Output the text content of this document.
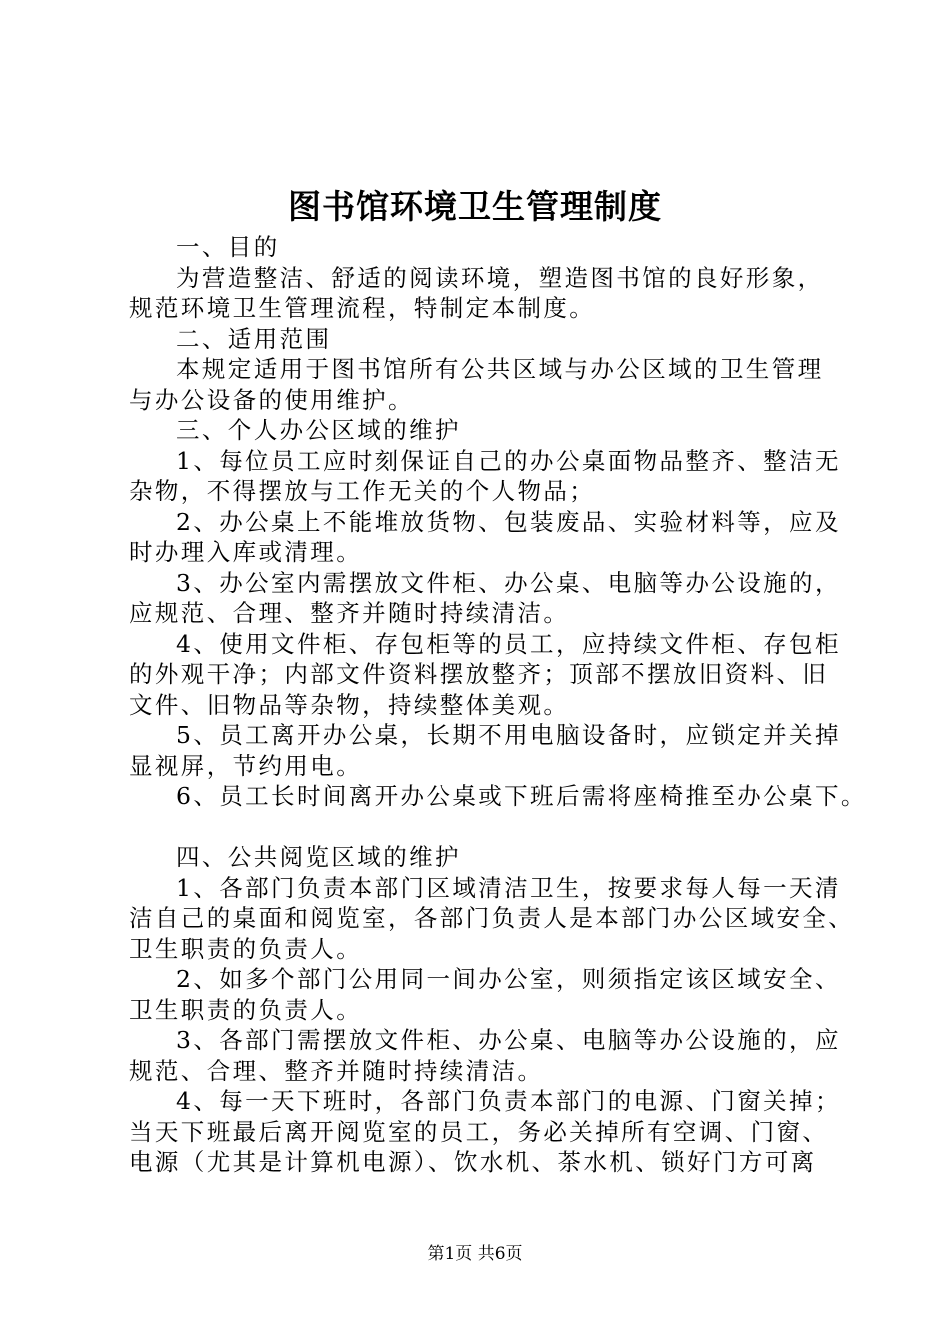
图书馆环境卫生管理制度

一、目的

为营造整洁、舒适的阅读环境，塑造图书馆的良好形象，
规范环境卫生管理流程，特制定本制度。

二、适用范围

本规定适用于图书馆所有公共区域与办公区域的卫生管理
与办公设备的使用维护。

三、个人办公区域的维护

1、每位员工应时刻保证自己的办公桌面物品整齐、整洁无
杂物，不得摆放与工作无关的个人物品；

2、办公桌上不能堆放货物、包装废品、实验材料等，应及
时办理入库或清理。

3、办公室内需摆放文件柜、办公桌、电脑等办公设施的，
应规范、合理、整齐并随时持续清洁。

4、使用文件柜、存包柜等的员工，应持续文件柜、存包柜
的外观干净；内部文件资料摆放整齐；顶部不摆放旧资料、旧
文件、旧物品等杂物，持续整体美观。

5、员工离开办公桌，长期不用电脑设备时，应锁定并关掉
显视屏，节约用电。

6、员工长时间离开办公桌或下班后需将座椅推至办公桌下。

四、公共阅览区域的维护

1、各部门负责本部门区域清洁卫生，按要求每人每一天清
洁自己的桌面和阅览室，各部门负责人是本部门办公区域安全、
卫生职责的负责人。

2、如多个部门公用同一间办公室，则须指定该区域安全、
卫生职责的负责人。

3、各部门需摆放文件柜、办公桌、电脑等办公设施的，应
规范、合理、整齐并随时持续清洁。

4、每一天下班时，各部门负责本部门的电源、门窗关掉；
当天下班最后离开阅览室的员工，务必关掉所有空调、门窗、
电源（尤其是计算机电源）、饮水机、茶水机、锁好门方可离

第1页 共6页
